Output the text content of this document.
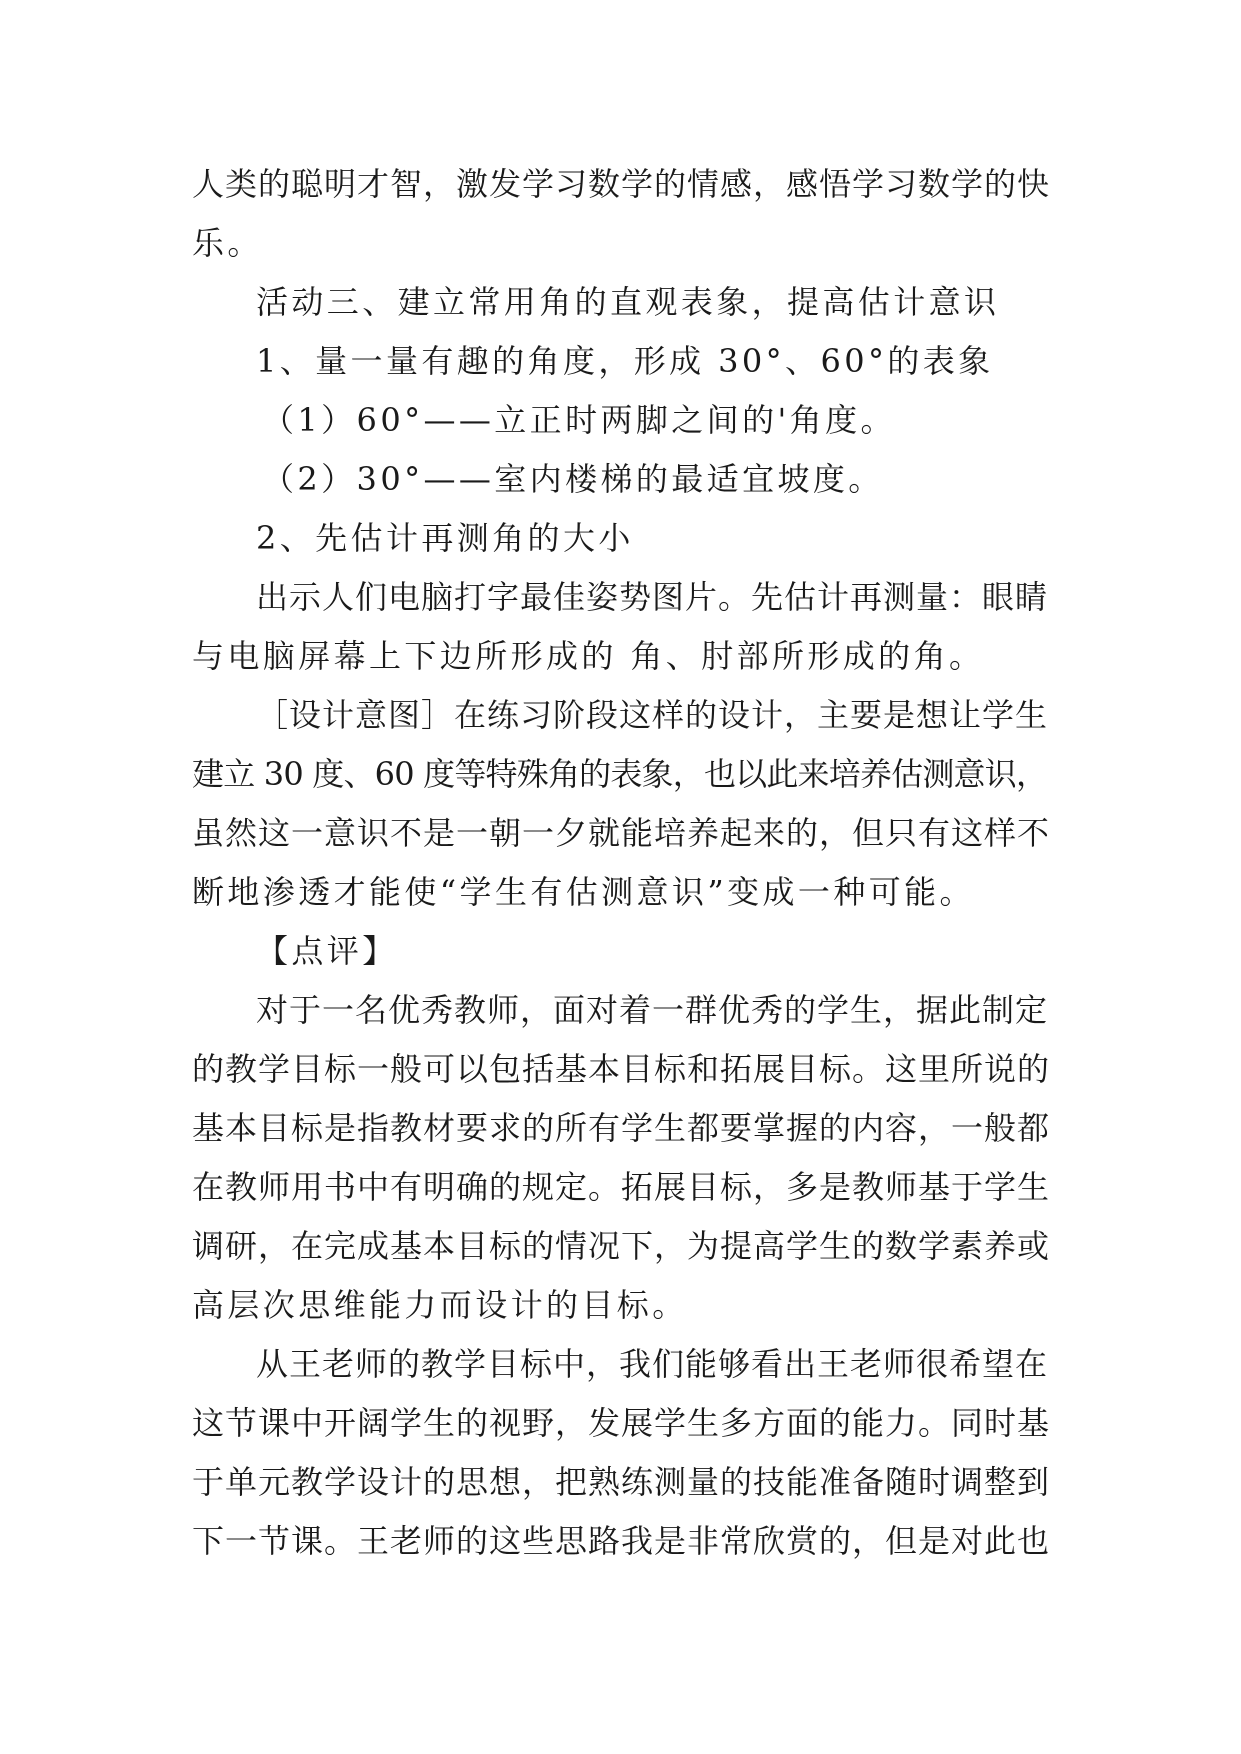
人类的聪明才智，激发学习数学的情感，感悟学习数学的快
乐。
活动三、建立常用角的直观表象，提高估计意识
1、量一量有趣的角度，形成 30°、60°的表象
（1）60°——立正时两脚之间的'角度。
（2）30°——室内楼梯的最适宜坡度。
2、先估计再测角的大小
出示人们电脑打字最佳姿势图片。先估计再测量：眼睛
与电脑屏幕上下边所形成的 角、肘部所形成的角。
［设计意图］在练习阶段这样的设计，主要是想让学生
建立 30 度、60 度等特殊角的表象，也以此来培养估测意识，
虽然这一意识不是一朝一夕就能培养起来的，但只有这样不
断地渗透才能使“学生有估测意识”变成一种可能。
【点评】
对于一名优秀教师，面对着一群优秀的学生，据此制定
的教学目标一般可以包括基本目标和拓展目标。这里所说的
基本目标是指教材要求的所有学生都要掌握的内容，一般都
在教师用书中有明确的规定。拓展目标，多是教师基于学生
调研，在完成基本目标的情况下，为提高学生的数学素养或
高层次思维能力而设计的目标。
从王老师的教学目标中，我们能够看出王老师很希望在
这节课中开阔学生的视野，发展学生多方面的能力。同时基
于单元教学设计的思想，把熟练测量的技能准备随时调整到
下一节课。王老师的这些思路我是非常欣赏的，但是对此也
